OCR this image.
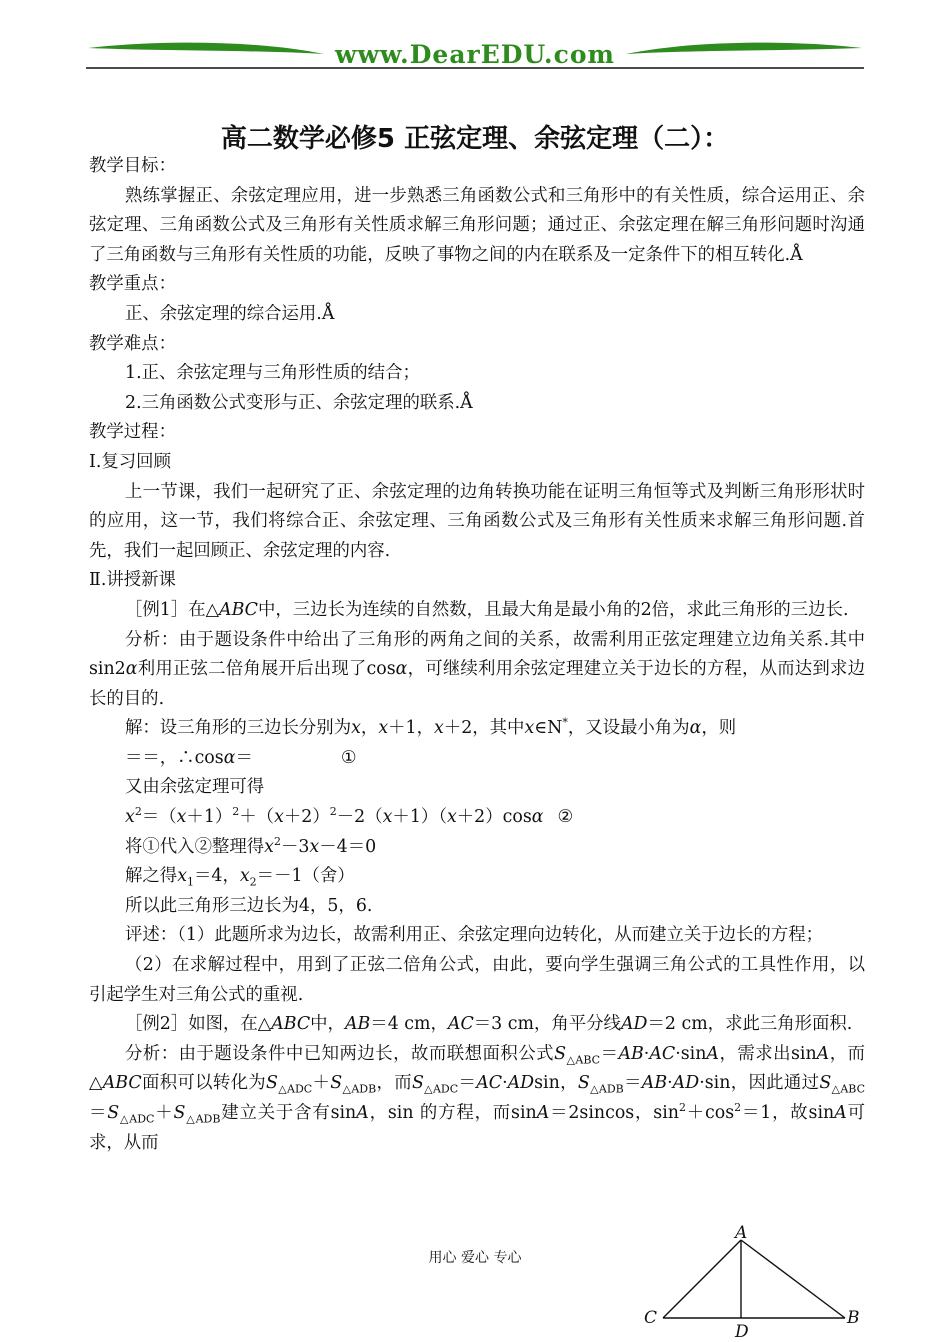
www.DearEDU.com
高二数学必修5 正弦定理、余弦定理（二）：

教学目标：

熟练掌握正、余弦定理应用，进一步熟悉三角函数公式和三角形中的有关性质，综合运用正、余弦定理、三角函数公式及三角形有关性质求解三角形问题；通过正、余弦定理在解三角形问题时沟通了三角函数与三角形有关性质的功能，反映了事物之间的内在联系及一定条件下的相互转化.Å

教学重点：

正、余弦定理的综合运用.Å

教学难点：

1.正、余弦定理与三角形性质的结合；

2.三角函数公式变形与正、余弦定理的联系.Å

教学过程：

Ⅰ.复习回顾

上一节课，我们一起研究了正、余弦定理的边角转换功能在证明三角恒等式及判断三角形形状时的应用，这一节，我们将综合正、余弦定理、三角函数公式及三角形有关性质来求解三角形问题.首先，我们一起回顾正、余弦定理的内容.

Ⅱ.讲授新课

［例1］在△ABC中，三边长为连续的自然数，且最大角是最小角的2倍，求此三角形的三边长.

分析：由于题设条件中给出了三角形的两角之间的关系，故需利用正弦定理建立边角关系.其中sin2α利用正弦二倍角展开后出现了cosα，可继续利用余弦定理建立关于边长的方程，从而达到求边长的目的.

解：设三角形的三边长分别为x，x＋1，x＋2，其中x∈N*，又设最小角为α，则

＝＝，∴cosα＝	①

又由余弦定理可得

$x^2=(x+1)^2+(x+2)^2-2(x+1)(x+2)\cos\alpha$ ②

将①代入②整理得$x^2-3x-4=0$

解之得$x_1=4$，$x_2=-1$（舍）

所以此三角形三边长为4，5，6.

评述：（1）此题所求为边长，故需利用正、余弦定理向边转化，从而建立关于边长的方程；

（2）在求解过程中，用到了正弦二倍角公式，由此，要向学生强调三角公式的工具性作用，以引起学生对三角公式的重视.

［例2］如图，在△ABC中，AB＝4 cm，AC＝3 cm，角平分线AD＝2 cm，求此三角形面积.

分析：由于题设条件中已知两边长，故而联想面积公式$S_{\triangle ABC}=AB\cdot AC\cdot\sin A$，需求出sinA，而△ABC面积可以转化为$S_{\triangle ADC}+S_{\triangle ADB}$，而$S_{\triangle ADC}=AC\cdot ADsin$，$S_{\triangle ADB}=AB\cdot AD\cdot\sin$，因此通过$S_{\triangle ABC}=S_{\triangle ADC}+S_{\triangle ADB}$建立关于含有sinA，sin 的方程，而sinA＝2sincos，$\sin^2+\cos^2=1$，故sinA可求，从而

用心 爱心 专心
A
C	B
D
